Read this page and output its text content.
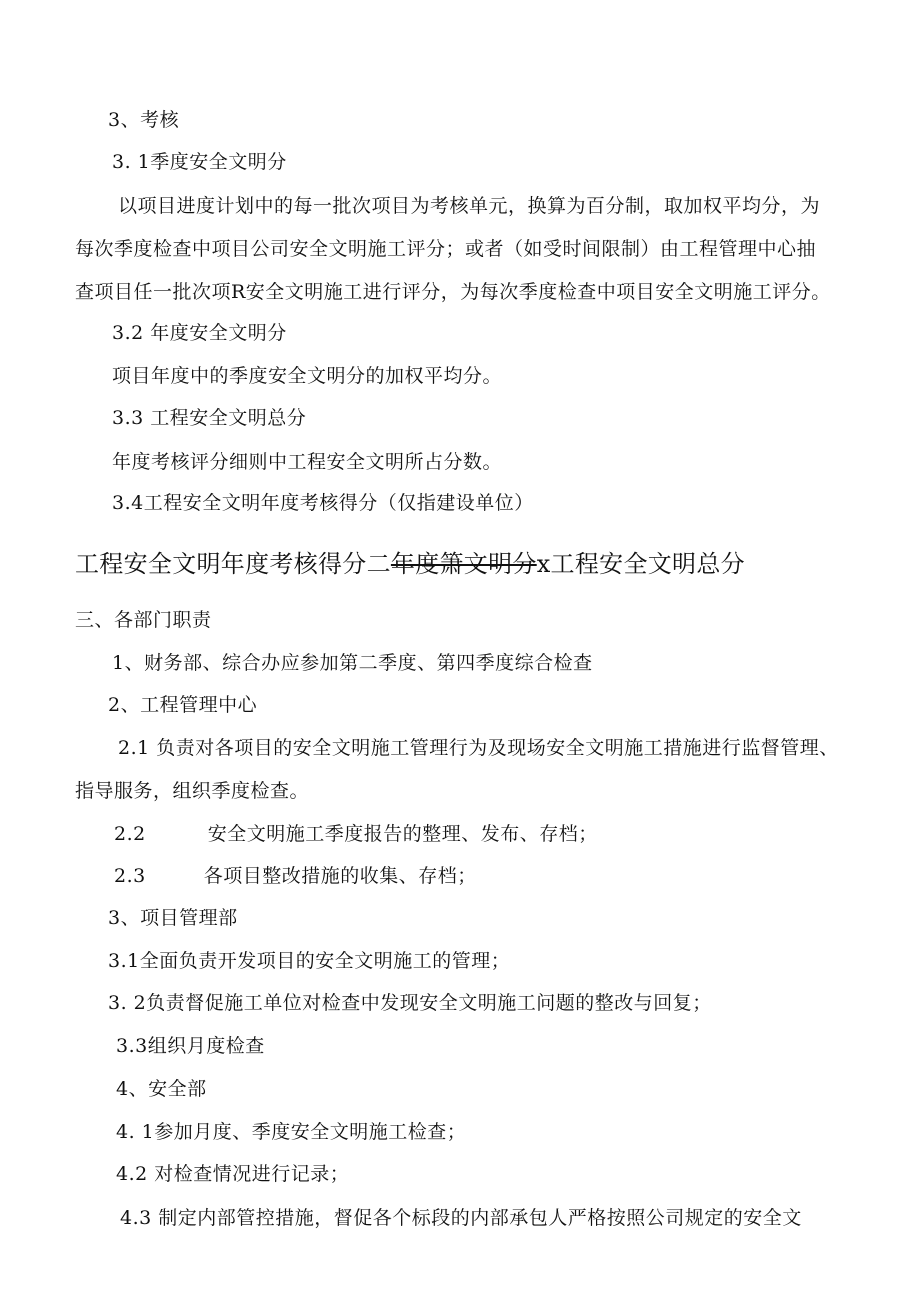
3、考核
3. 1季度安全文明分
以项目进度计划中的每一批次项目为考核单元，换算为百分制，取加权平均分，为
每次季度检查中项目公司安全文明施工评分；或者（如受时间限制）由工程管理中心抽
查项目任一批次项R安全文明施工进行评分，为每次季度检查中项目安全文明施工评分。
3.2 年度安全文明分
项目年度中的季度安全文明分的加权平均分。
3.3 工程安全文明总分
年度考核评分细则中工程安全文明所占分数。
3.4工程安全文明年度考核得分（仅指建设单位）
工程安全文明年度考核得分二年度箫文明分x工程安全文明总分
三、各部门职责
1、财务部、综合办应参加第二季度、第四季度综合检查
2、工程管理中心
2.1 负责对各项目的安全文明施工管理行为及现场安全文明施工措施进行监督管理、
指导服务，组织季度检查。
2.2	安全文明施工季度报告的整理、发布、存档；
2.3	各项目整改措施的收集、存档；
3、项目管理部
3.1全面负责开发项目的安全文明施工的管理；
3. 2负责督促施工单位对检查中发现安全文明施工问题的整改与回复；
3.3组织月度检查
4、安全部
4. 1参加月度、季度安全文明施工检查；
4.2 对检查情况进行记录；
4.3 制定内部管控措施，督促各个标段的内部承包人严格按照公司规定的安全文
